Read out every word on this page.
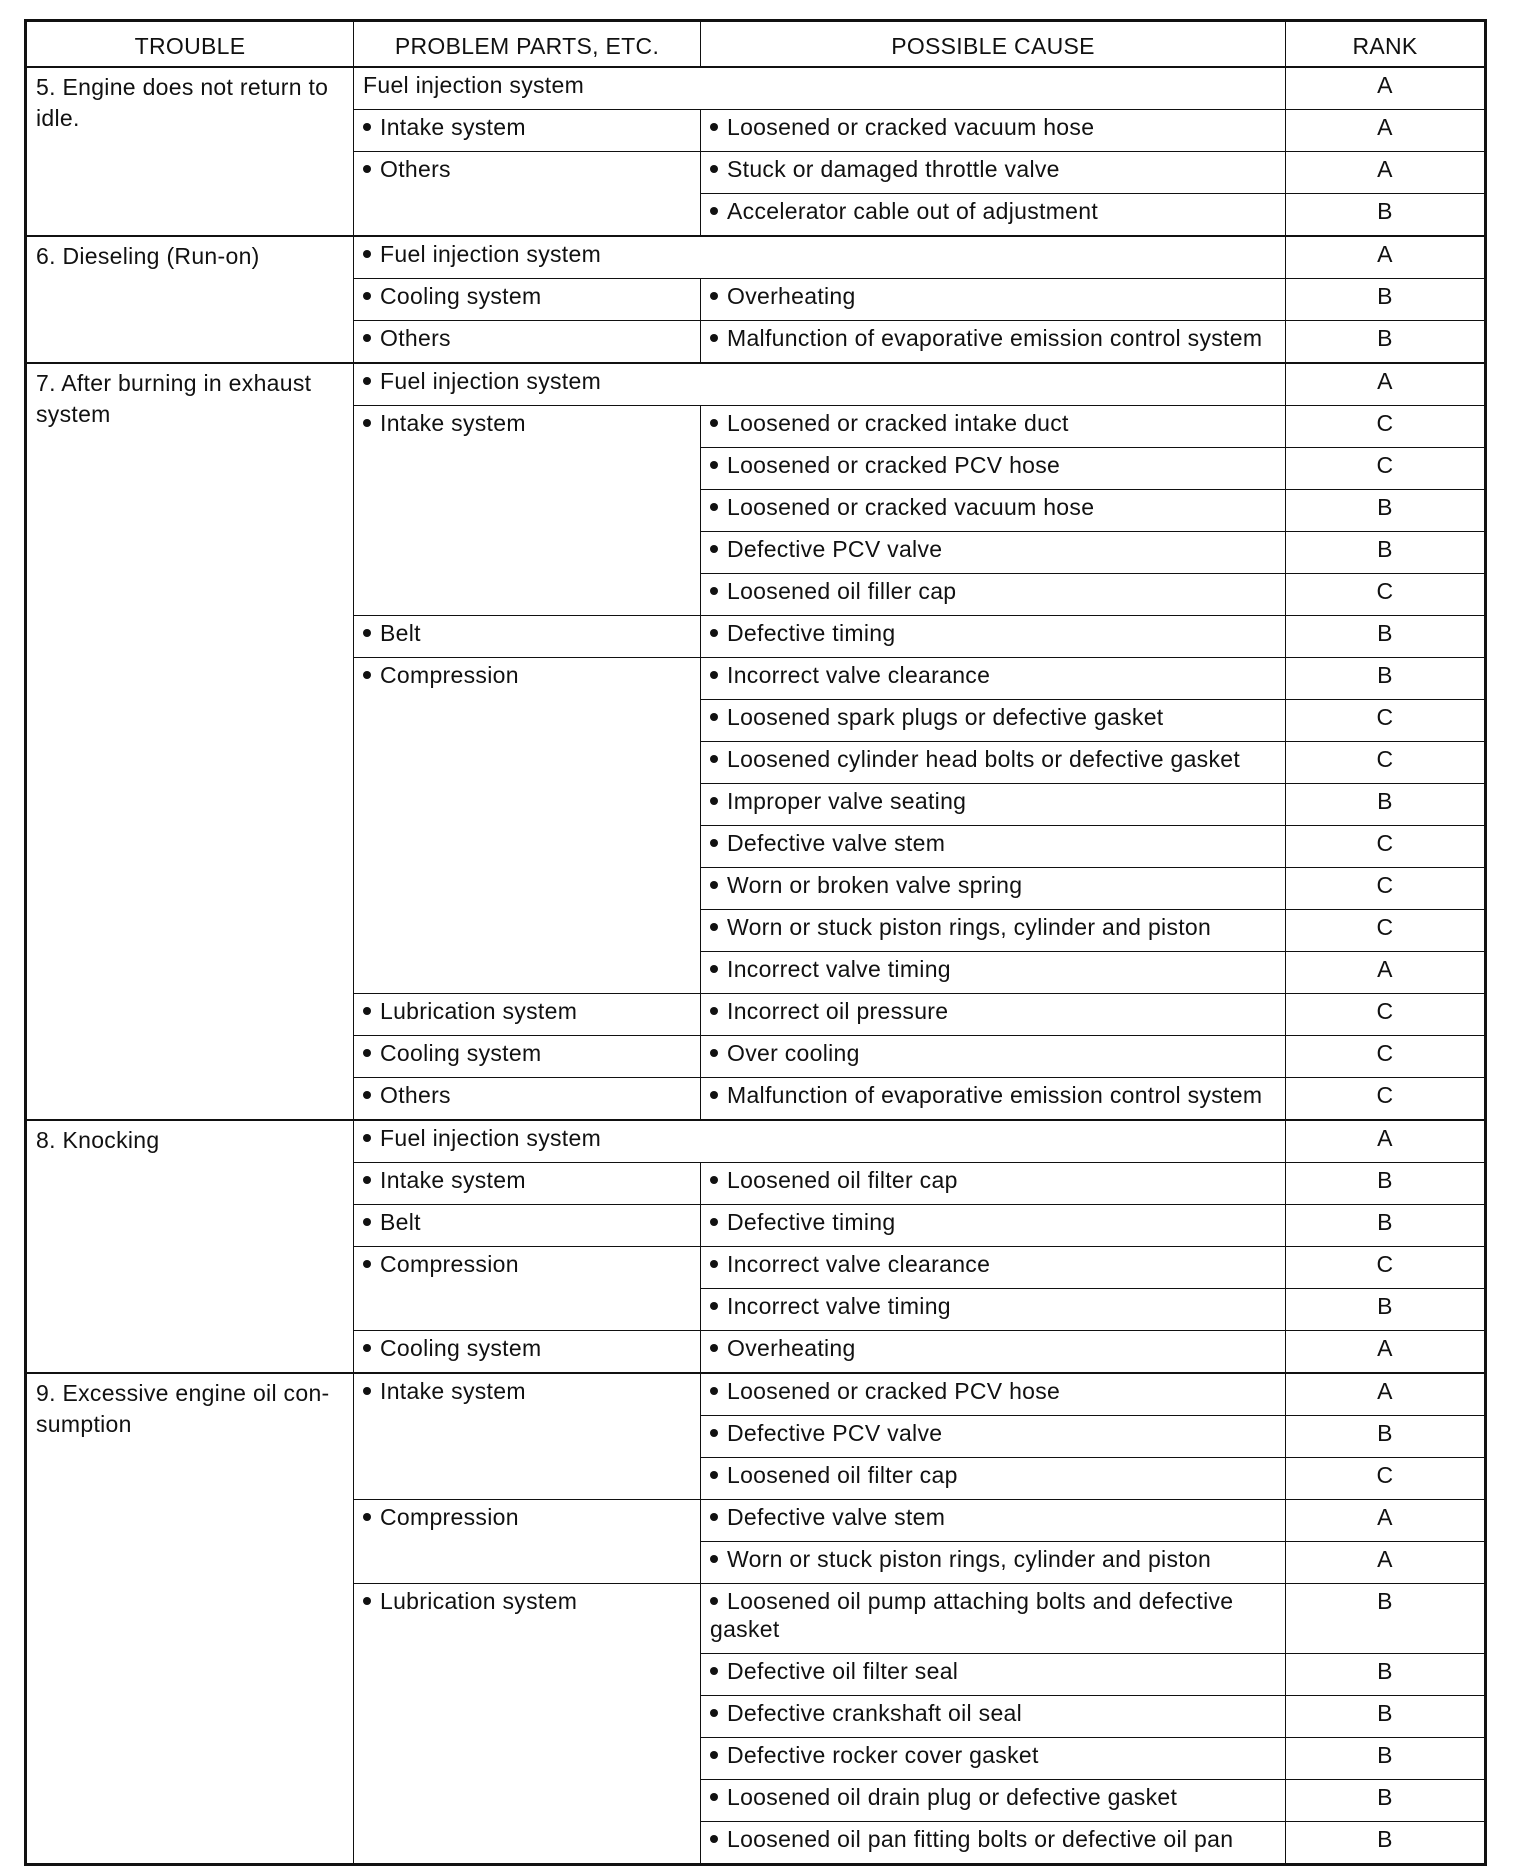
TROUBLE	PROBLEM PARTS, ETC.	POSSIBLE CAUSE	RANK
5. Engine does not return to idle.	Fuel injection system		A
	Intake system	Loosened or cracked vacuum hose	A
	Others	Stuck or damaged throttle valve	A
		Accelerator cable out of adjustment	B
6. Dieseling (Run-on)	Fuel injection system		A
	Cooling system	Overheating	B
	Others	Malfunction of evaporative emission control system	B
7. After burning in exhaust system	Fuel injection system		A
	Intake system	Loosened or cracked intake duct	C
		Loosened or cracked PCV hose	C
		Loosened or cracked vacuum hose	B
		Defective PCV valve	B
		Loosened oil filler cap	C
	Belt	Defective timing	B
	Compression	Incorrect valve clearance	B
		Loosened spark plugs or defective gasket	C
		Loosened cylinder head bolts or defective gasket	C
		Improper valve seating	B
		Defective valve stem	C
		Worn or broken valve spring	C
		Worn or stuck piston rings, cylinder and piston	C
		Incorrect valve timing	A
	Lubrication system	Incorrect oil pressure	C
	Cooling system	Over cooling	C
	Others	Malfunction of evaporative emission control system	C
8. Knocking	Fuel injection system		A
	Intake system	Loosened oil filter cap	B
	Belt	Defective timing	B
	Compression	Incorrect valve clearance	C
		Incorrect valve timing	B
	Cooling system	Overheating	A
9. Excessive engine oil con-sumption	Intake system	Loosened or cracked PCV hose	A
		Defective PCV valve	B
		Loosened oil filter cap	C
	Compression	Defective valve stem	A
		Worn or stuck piston rings, cylinder and piston	A
	Lubrication system	Loosened oil pump attaching bolts and defective gasket	B
		Defective oil filter seal	B
		Defective crankshaft oil seal	B
		Defective rocker cover gasket	B
		Loosened oil drain plug or defective gasket	B
		Loosened oil pan fitting bolts or defective oil pan	B
